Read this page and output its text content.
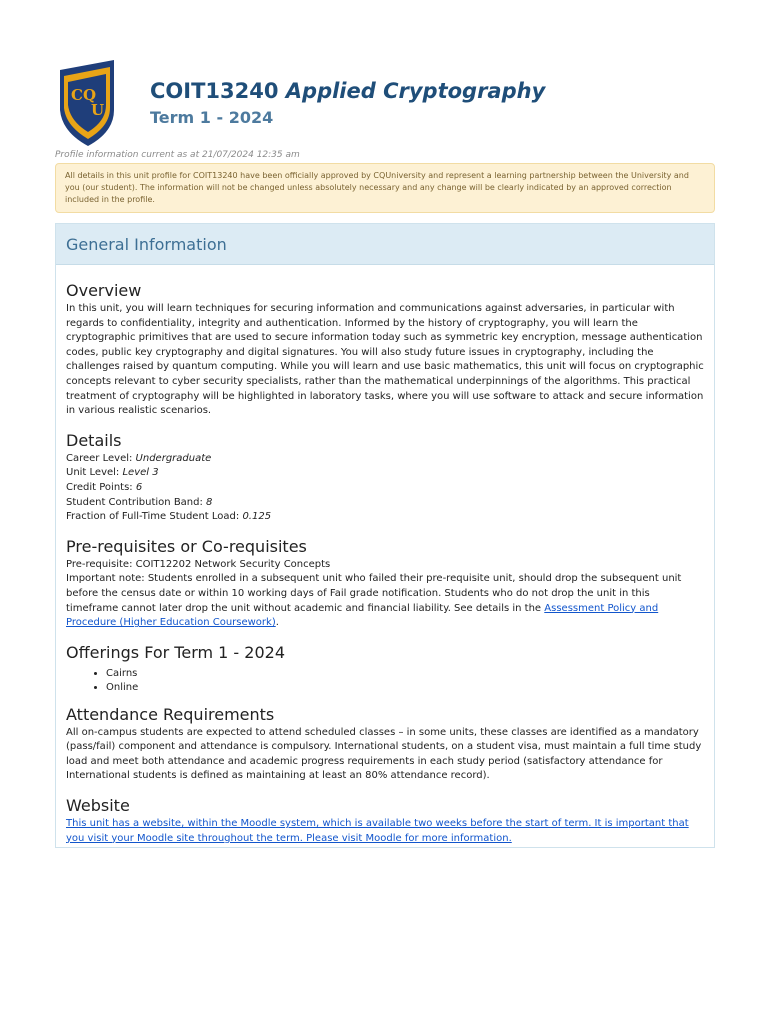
CQ
U
COIT13240 Applied Cryptography
Term 1 - 2024
Profile information current as at 21/07/2024 12:35 am
All details in this unit profile for COIT13240 have been officially approved by CQUniversity and represent a learning partnership between the University and you (our student). The information will not be changed unless absolutely necessary and any change will be clearly indicated by an approved correction included in the profile.
General Information
Overview

In this unit, you will learn techniques for securing information and communications against adversaries, in particular with regards to confidentiality, integrity and authentication. Informed by the history of cryptography, you will learn the cryptographic primitives that are used to secure information today such as symmetric key encryption, message authentication codes, public key cryptography and digital signatures. You will also study future issues in cryptography, including the challenges raised by quantum computing. While you will learn and use basic mathematics, this unit will focus on cryptographic concepts relevant to cyber security specialists, rather than the mathematical underpinnings of the algorithms. This practical treatment of cryptography will be highlighted in laboratory tasks, where you will use software to attack and secure information in various realistic scenarios.

Details
Career Level: Undergraduate
Unit Level: Level 3
Credit Points: 6
Student Contribution Band: 8
Fraction of Full-Time Student Load: 0.125
Pre-requisites or Co-requisites

Pre-requisite: COIT12202 Network Security Concepts

Important note: Students enrolled in a subsequent unit who failed their pre-requisite unit, should drop the subsequent unit before the census date or within 10 working days of Fail grade notification. Students who do not drop the unit in this timeframe cannot later drop the unit without academic and financial liability. See details in the Assessment Policy and Procedure (Higher Education Coursework).

Offerings For Term 1 - 2024
• Cairns
• Online
Attendance Requirements

All on-campus students are expected to attend scheduled classes – in some units, these classes are identified as a mandatory (pass/fail) component and attendance is compulsory. International students, on a student visa, must maintain a full time study load and meet both attendance and academic progress requirements in each study period (satisfactory attendance for International students is defined as maintaining at least an 80% attendance record).

Website

This unit has a website, within the Moodle system, which is available two weeks before the start of term. It is important that you visit your Moodle site throughout the term. Please visit Moodle for more information.
